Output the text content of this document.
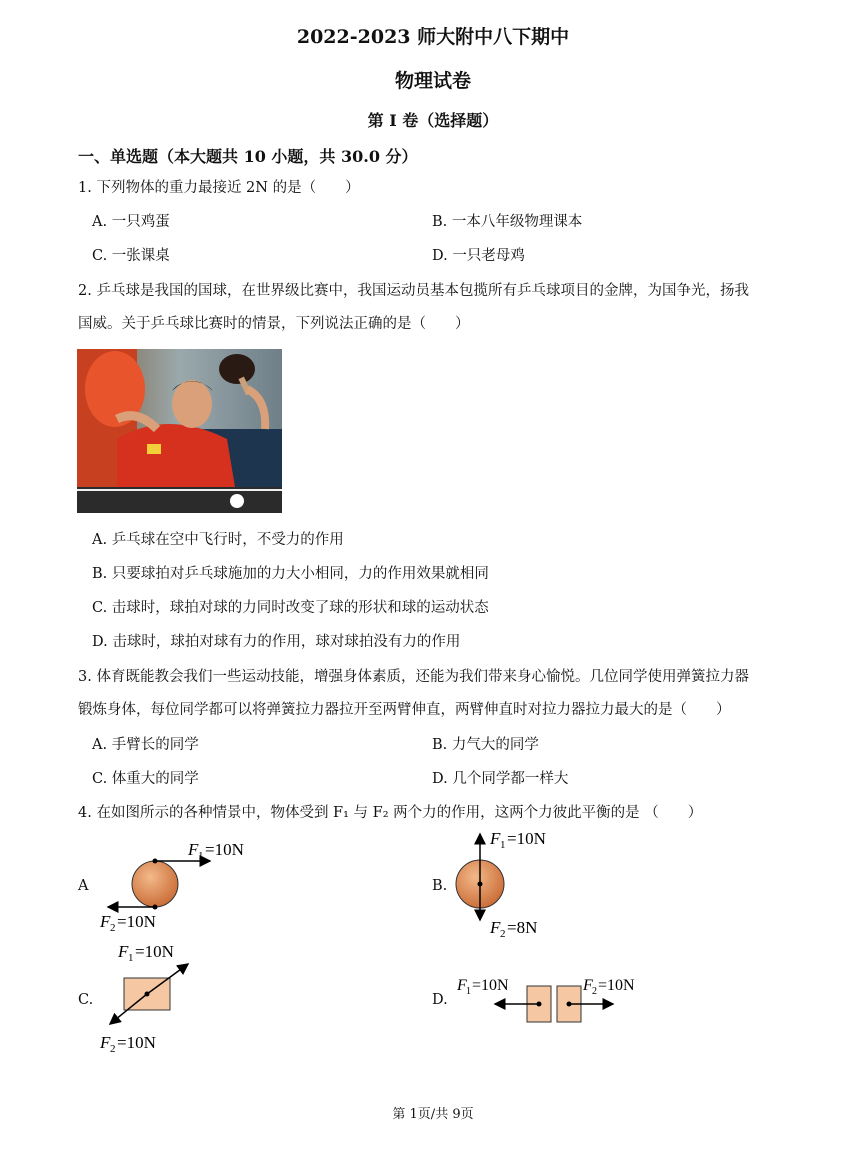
2022-2023 师大附中八下期中
物理试卷
第 I 卷（选择题）
一、单选题（本大题共 10 小题，共 30.0 分）
1. 下列物体的重力最接近 2N 的是（　　）
A. 一只鸡蛋	B. 一本八年级物理课本
C. 一张课桌	D. 一只老母鸡
2. 乒乓球是我国的国球，在世界级比赛中，我国运动员基本包揽所有乒乓球项目的金牌，为国争光，扬我
国威。关于乒乓球比赛时的情景，下列说法正确的是（　　）
A. 乒乓球在空中飞行时，不受力的作用
B. 只要球拍对乒乓球施加的力大小相同，力的作用效果就相同
C. 击球时，球拍对球的力同时改变了球的形状和球的运动状态
D. 击球时，球拍对球有力的作用，球对球拍没有力的作用
3. 体育既能教会我们一些运动技能，增强身体素质，还能为我们带来身心愉悦。几位同学使用弹簧拉力器
锻炼身体，每位同学都可以将弹簧拉力器拉开至两臂伸直，两臂伸直时对拉力器拉力最大的是（　　）
A. 手臂长的同学	B. 力气大的同学
C. 体重大的同学	D. 几个同学都一样大
4. 在如图所示的各种情景中，物体受到 F₁ 与 F₂ 两个力的作用，这两个力彼此平衡的是 （　　）
A
F 1 =10N
F 2 =10N
B.
F 1 =10N
F 2 =8N
C.
F 1 =10N
F 2 =10N
D.
F 1 =10N	F 2 =10N
第 1页/共 9页
